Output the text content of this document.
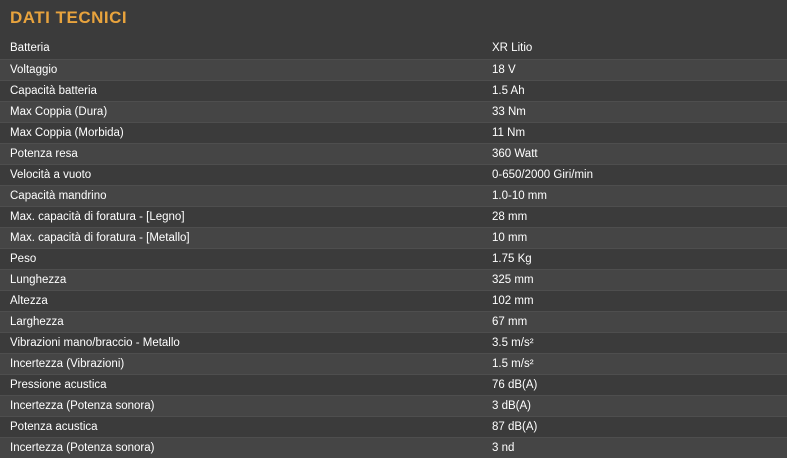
DATI TECNICI
Batteria	XR Litio
Voltaggio	18 V
Capacità batteria	1.5 Ah
Max Coppia (Dura)	33 Nm
Max Coppia (Morbida)	11 Nm
Potenza resa	360 Watt
Velocità a vuoto	0-650/2000 Giri/min
Capacità mandrino	1.0-10 mm
Max. capacità di foratura - [Legno]	28 mm
Max. capacità di foratura - [Metallo]	10 mm
Peso	1.75 Kg
Lunghezza	325 mm
Altezza	102 mm
Larghezza	67 mm
Vibrazioni mano/braccio - Metallo	3.5 m/s²
Incertezza (Vibrazioni)	1.5 m/s²
Pressione acustica	76 dB(A)
Incertezza (Potenza sonora)	3 dB(A)
Potenza acustica	87 dB(A)
Incertezza (Potenza sonora)	3 nd
